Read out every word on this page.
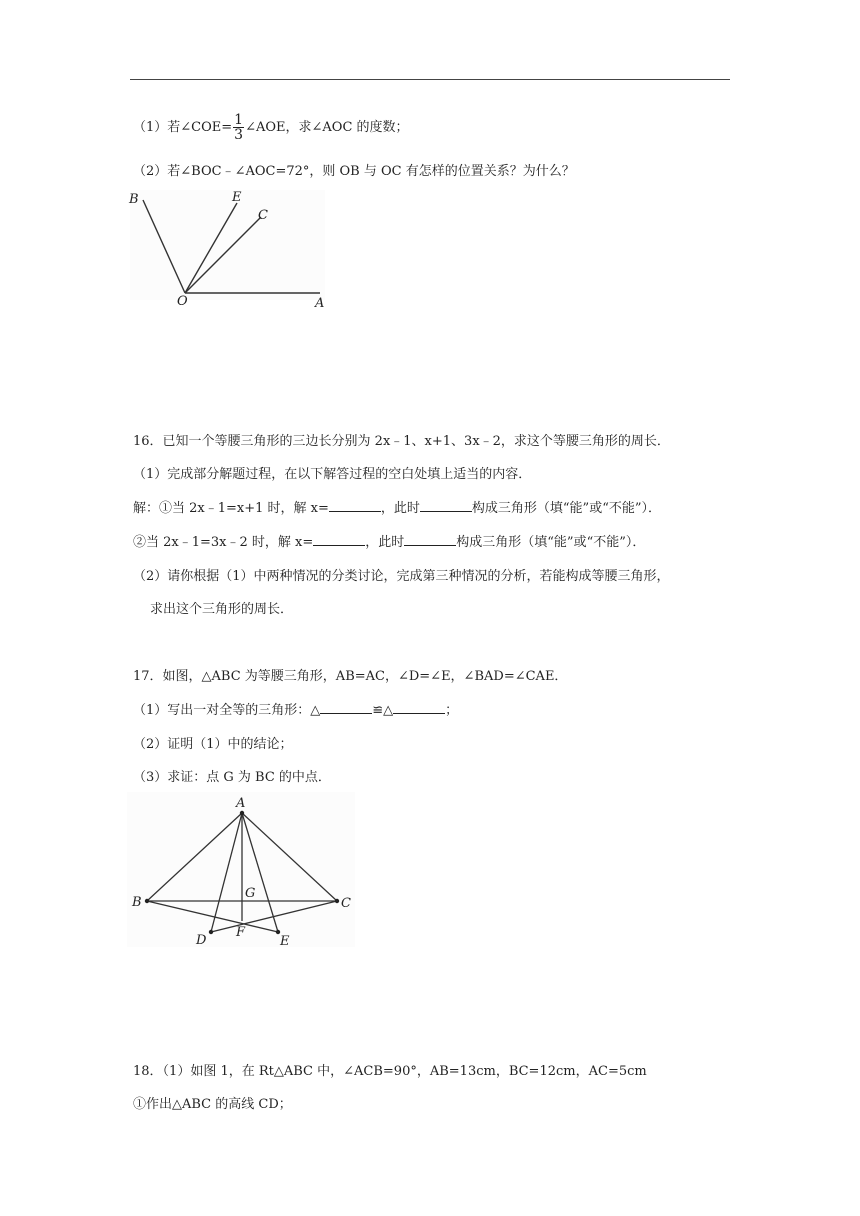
（1）若∠COE= $\frac{1}{3}$ ∠AOE，求∠AOC 的度数；
（2）若∠BOC﹣∠AOC=72°，则 OB 与 OC 有怎样的位置关系？为什么？
B	E
C
O	A
16．已知一个等腰三角形的三边长分别为 2x﹣1、x+1、3x﹣2，求这个等腰三角形的周长．
（1）完成部分解题过程，在以下解答过程的空白处填上适当的内容．
解：①当 2x﹣1=x+1 时，解 x=	，此时	构成三角形（填“能”或“不能”）．
②当 2x﹣1=3x﹣2 时，解 x=	，此时	构成三角形（填“能”或“不能”）．
（2）请你根据（1）中两种情况的分类讨论，完成第三种情况的分析，若能构成等腰三角形，
求出这个三角形的周长．
17．如图，△ABC 为等腰三角形，AB=AC，∠D=∠E，∠BAD=∠CAE．
（1）写出一对全等的三角形：△	≌△	；
（2）证明（1）中的结论；
（3）求证：点 G 为 BC 的中点．
A
B	C
G
D
F
E
18．（1）如图 1，在 Rt△ABC 中，∠ACB=90°，AB=13cm，BC=12cm，AC=5cm
①作出△ABC 的高线 CD；
